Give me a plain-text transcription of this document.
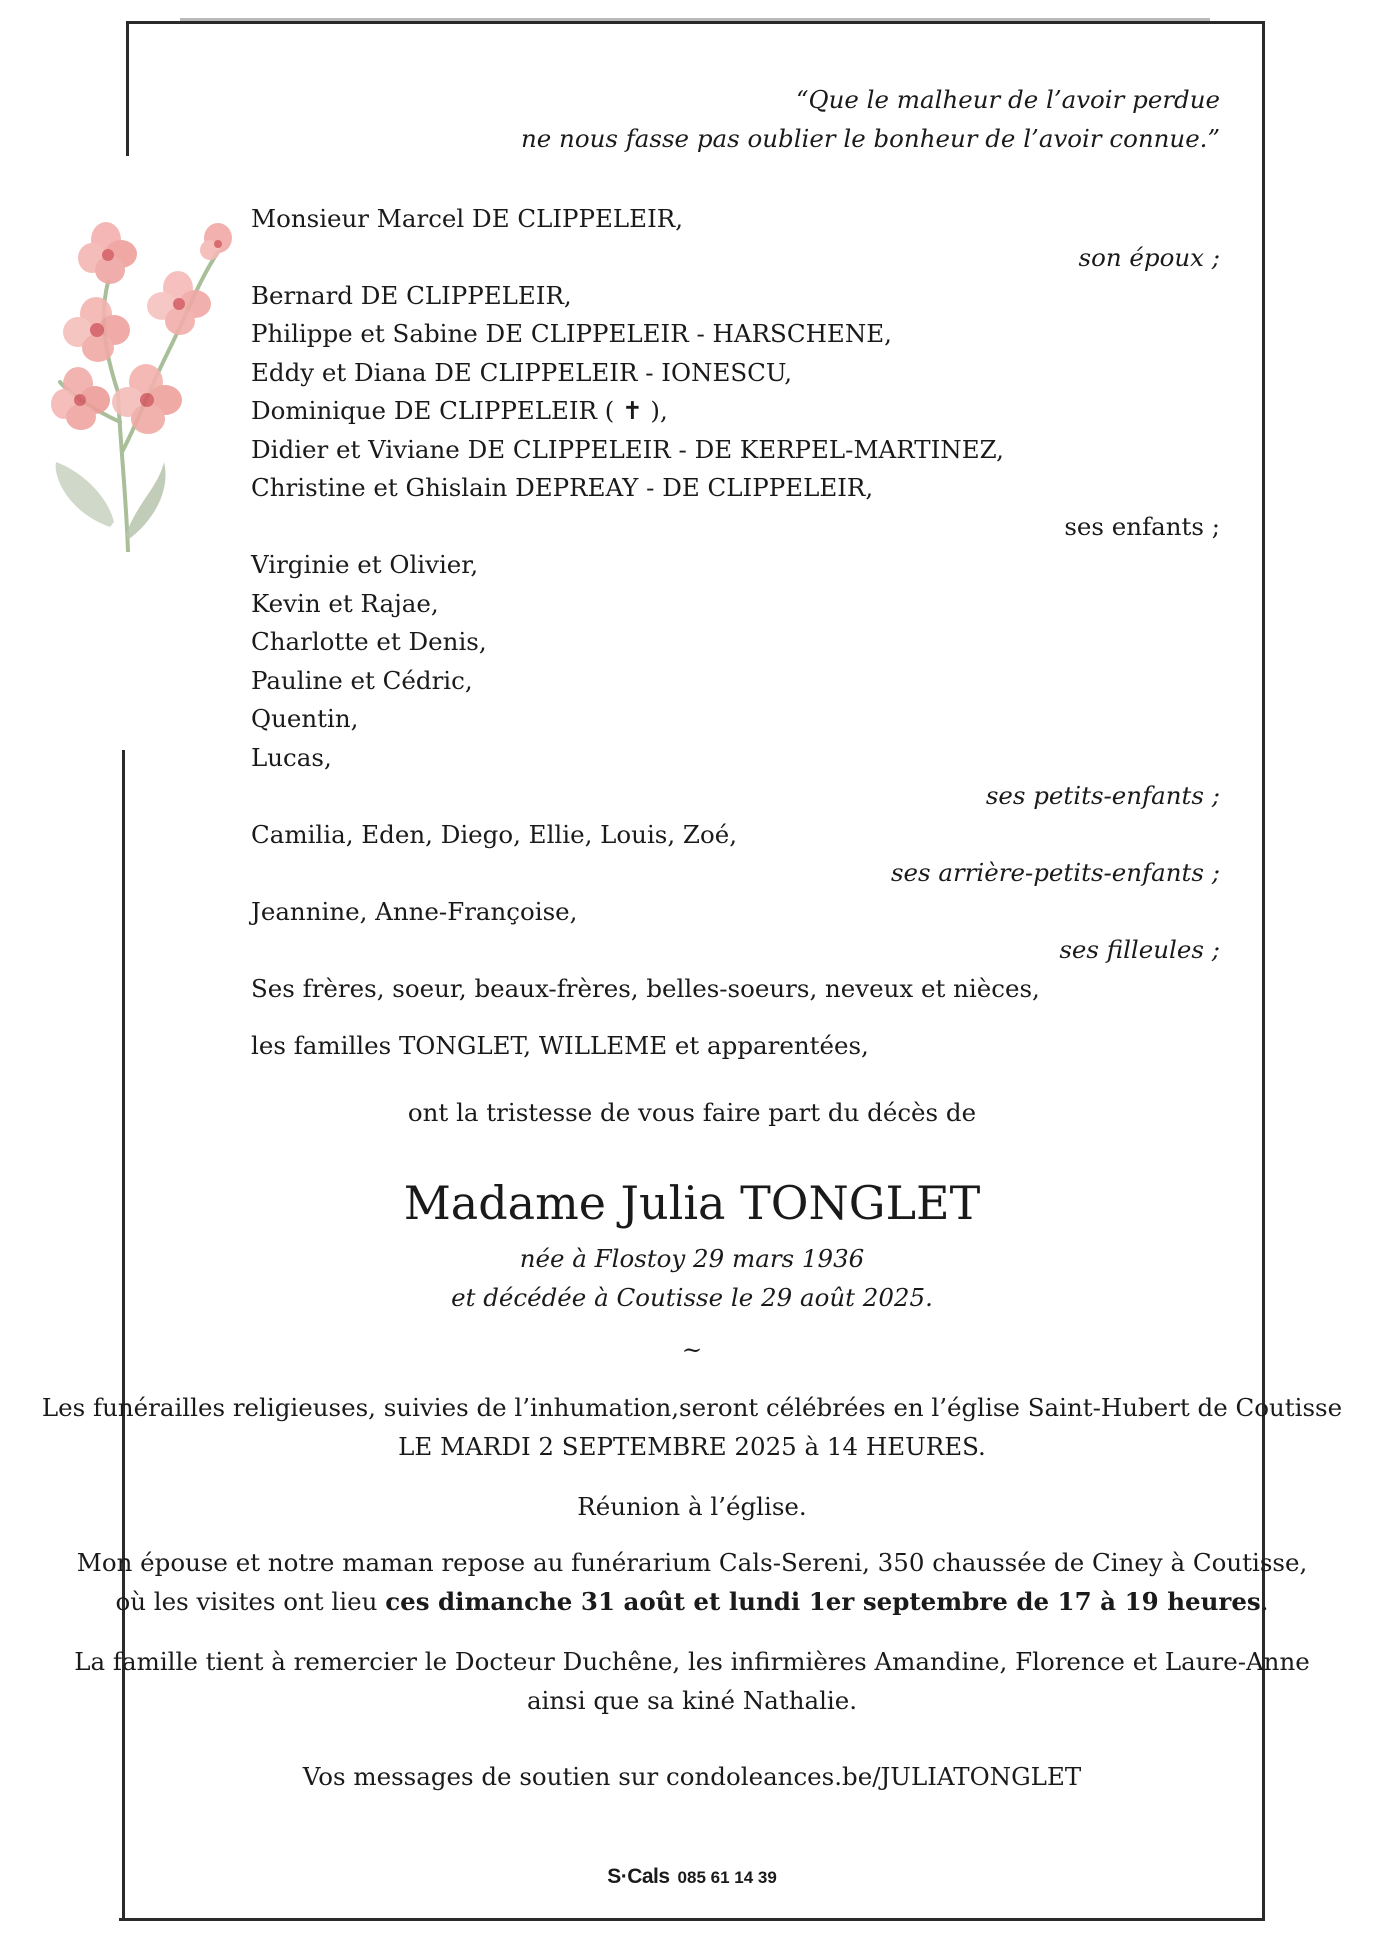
“Que le malheur de l’avoir perdue
ne nous fasse pas oublier le bonheur de l’avoir connue.”
Monsieur Marcel DE CLIPPELEIR,
son époux ;
Bernard DE CLIPPELEIR,
Philippe et Sabine DE CLIPPELEIR - HARSCHENE,
Eddy et Diana DE CLIPPELEIR - IONESCU,
Dominique DE CLIPPELEIR ( ✝ ),
Didier et Viviane DE CLIPPELEIR - DE KERPEL-MARTINEZ,
Christine et Ghislain DEPREAY - DE CLIPPELEIR,
ses enfants ;
Virginie et Olivier,
Kevin et Rajae,
Charlotte et Denis,
Pauline et Cédric,
Quentin,
Lucas,
ses petits-enfants ;
Camilia, Eden, Diego, Ellie, Louis, Zoé,
ses arrière-petits-enfants ;
Jeannine, Anne-Françoise,
ses filleules ;
Ses frères, soeur, beaux-frères, belles-soeurs, neveux et nièces,
les familles TONGLET, WILLEME et apparentées,
ont la tristesse de vous faire part du décès de
Madame Julia TONGLET
née à Flostoy 29 mars 1936
et décédée à Coutisse le 29 août 2025.
~
Les funérailles religieuses, suivies de l’inhumation,seront célébrées en l’église Saint-Hubert de Coutisse
LE MARDI 2 SEPTEMBRE 2025 à 14 HEURES.
Réunion à l’église.
Mon épouse et notre maman repose au funérarium Cals-Sereni, 350 chaussée de Ciney à Coutisse,
où les visites ont lieu ces dimanche 31 août et lundi 1er septembre de 17 à 19 heures.
La famille tient à remercier le Docteur Duchêne, les infirmières Amandine, Florence et Laure-Anne
ainsi que sa kiné Nathalie.
Vos messages de soutien sur condoleances.be/JULIATONGLET
S·Cals 085 61 14 39
